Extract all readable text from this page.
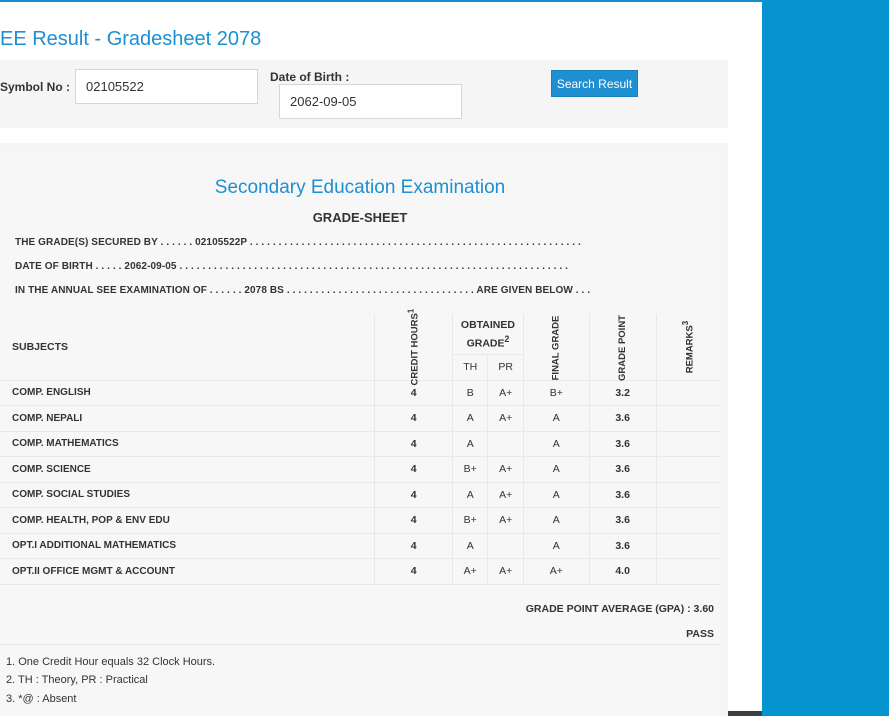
EE Result - Gradesheet 2078
Symbol No :
02105522
Date of Birth :
2062-09-05	Search Result
Secondary Education Examination
GRADE-SHEET
THE GRADE(S) SECURED BY . . . . . . 02105522P . . . . . . . . . . . . . . . . . . . . . . . . . . . . . . . . . . . . . . . . . . . . . . . . . . . . . . . . . .
DATE OF BIRTH . . . . . 2062-09-05 . . . . . . . . . . . . . . . . . . . . . . . . . . . . . . . . . . . . . . . . . . . . . . . . . . . . . . . . . . . . . . . . . . . .
IN THE ANNUAL SEE EXAMINATION OF . . . . . . 2078 BS . . . . . . . . . . . . . . . . . . . . . . . . . . . . . . . . . ARE GIVEN BELOW . . .
SUBJECTS	CREDIT HOURS$^1$	OBTAINED GRADE$^2$		FINAL GRADE	GRADE POINT	REMARKS$^3$
		TH	PR			
COMP. ENGLISH	4	B	A+	B+	3.2	
COMP. NEPALI	4	A	A+	A	3.6	
COMP. MATHEMATICS	4	A		A	3.6	
COMP. SCIENCE	4	B+	A+	A	3.6	
COMP. SOCIAL STUDIES	4	A	A+	A	3.6	
COMP. HEALTH, POP & ENV EDU	4	B+	A+	A	3.6	
OPT.I ADDITIONAL MATHEMATICS	4	A		A	3.6	
OPT.II OFFICE MGMT & ACCOUNT	4	A+	A+	A+	4.0	
GRADE POINT AVERAGE (GPA) : 3.60
PASS
1. One Credit Hour equals 32 Clock Hours.
2. TH : Theory, PR : Practical
3. *@ : Absent
